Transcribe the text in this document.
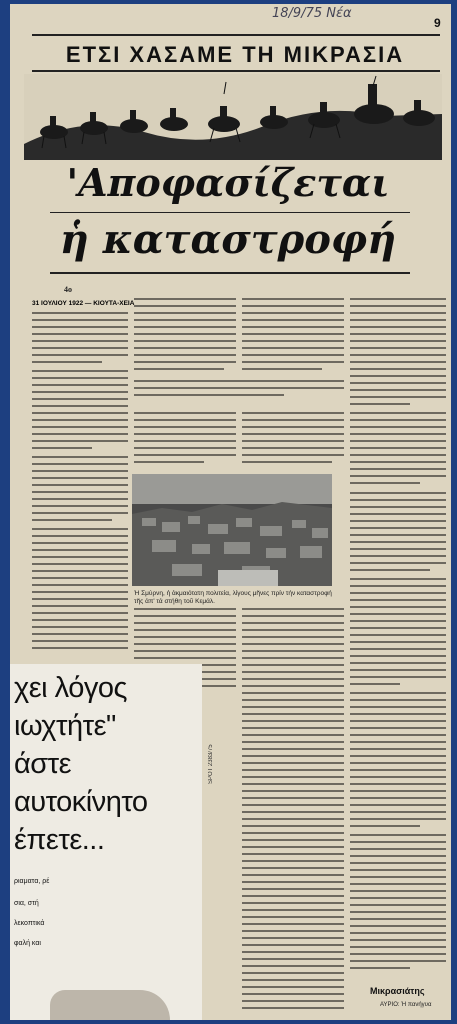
18/9/75 Νέα
9
ΕΤΣΙ ΧΑΣΑΜΕ ΤΗ ΜΙΚΡΑΣΙΑ
'Αποφασίζεται
ἡ καταστροφή
4ο
31 ΙΟΥΛΙΟΥ 1922 — ΚΙΟΥΤΑ-ΧΕΙΑ
Ἡ Σμύρνη, ἡ ἀκμαιότατη πολιτεία, λίγους μῆνες πρίν τήν καταστροφή τῆς ἀπ' τά στήθη τοῦ Κεμάλ.
χει λόγος
ιωχτήτε"
άστε
αυτοκίνητο
έπετε...
ριαματα, ρέ
σια, στή
λεκοπτικά
φαλή και
SPOT 2383/75
Μικρασιάτης
ΑΥΡΙΟ: Ἡ πανήγυα
